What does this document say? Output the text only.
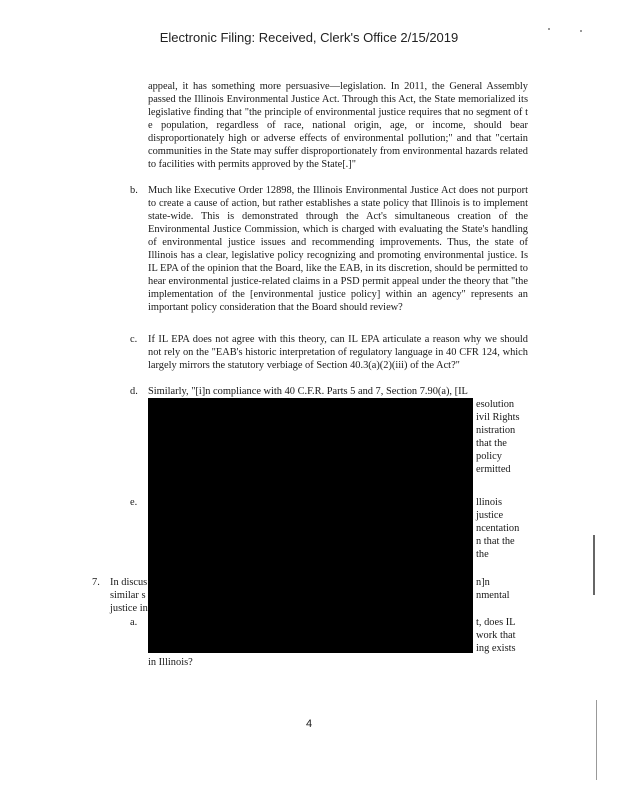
Electronic Filing: Received, Clerk's Office 2/15/2019
appeal, it has something more persuasive—legislation. In 2011, the General Assembly passed the Illinois Environmental Justice Act. Through this Act, the State memorialized its legislative finding that "the principle of environmental justice requires that no segment of t e population, regardless of race, national origin, age, or income, should bear disproportionately high or adverse effects of environmental pollution;" and that "certain communities in the State may suffer disproportionately from environmental hazards related to facilities with permits approved by the State[.]"
b. Much like Executive Order 12898, the Illinois Environmental Justice Act does not purport to create a cause of action, but rather establishes a state policy that Illinois is to implement state-wide. This is demonstrated through the Act's simultaneous creation of the Environmental Justice Commission, which is charged with evaluating the State's handling of environmental justice issues and recommending improvements. Thus, the state of Illinois has a clear, legislative policy recognizing and promoting environmental justice. Is IL EPA of the opinion that the Board, like the EAB, in its discretion, should be permitted to hear environmental justice-related claims in a PSD permit appeal under the theory that "the implementation of the [environmental justice policy] within an agency" represents an important policy consideration that the Board should review?
c. If IL EPA does not agree with this theory, can IL EPA articulate a reason why we should not rely on the "EAB's historic interpretation of regulatory language in 40 CFR 124, which largely mirrors the statutory verbiage of Section 40.3(a)(2)(iii) of the Act?"
d. Similarly, "[i]n compliance with 40 C.F.R. Parts 5 and 7, Section 7.90(a), [IL
esolution
ivil Rights
nistration
that the
policy
ermitted
e.	llinois
justice
ncentation
n that the
the
7. In discus
similar s
justice in
n]n
nmental
a.	t, does IL
work that
ing exists
in Illinois?
4
